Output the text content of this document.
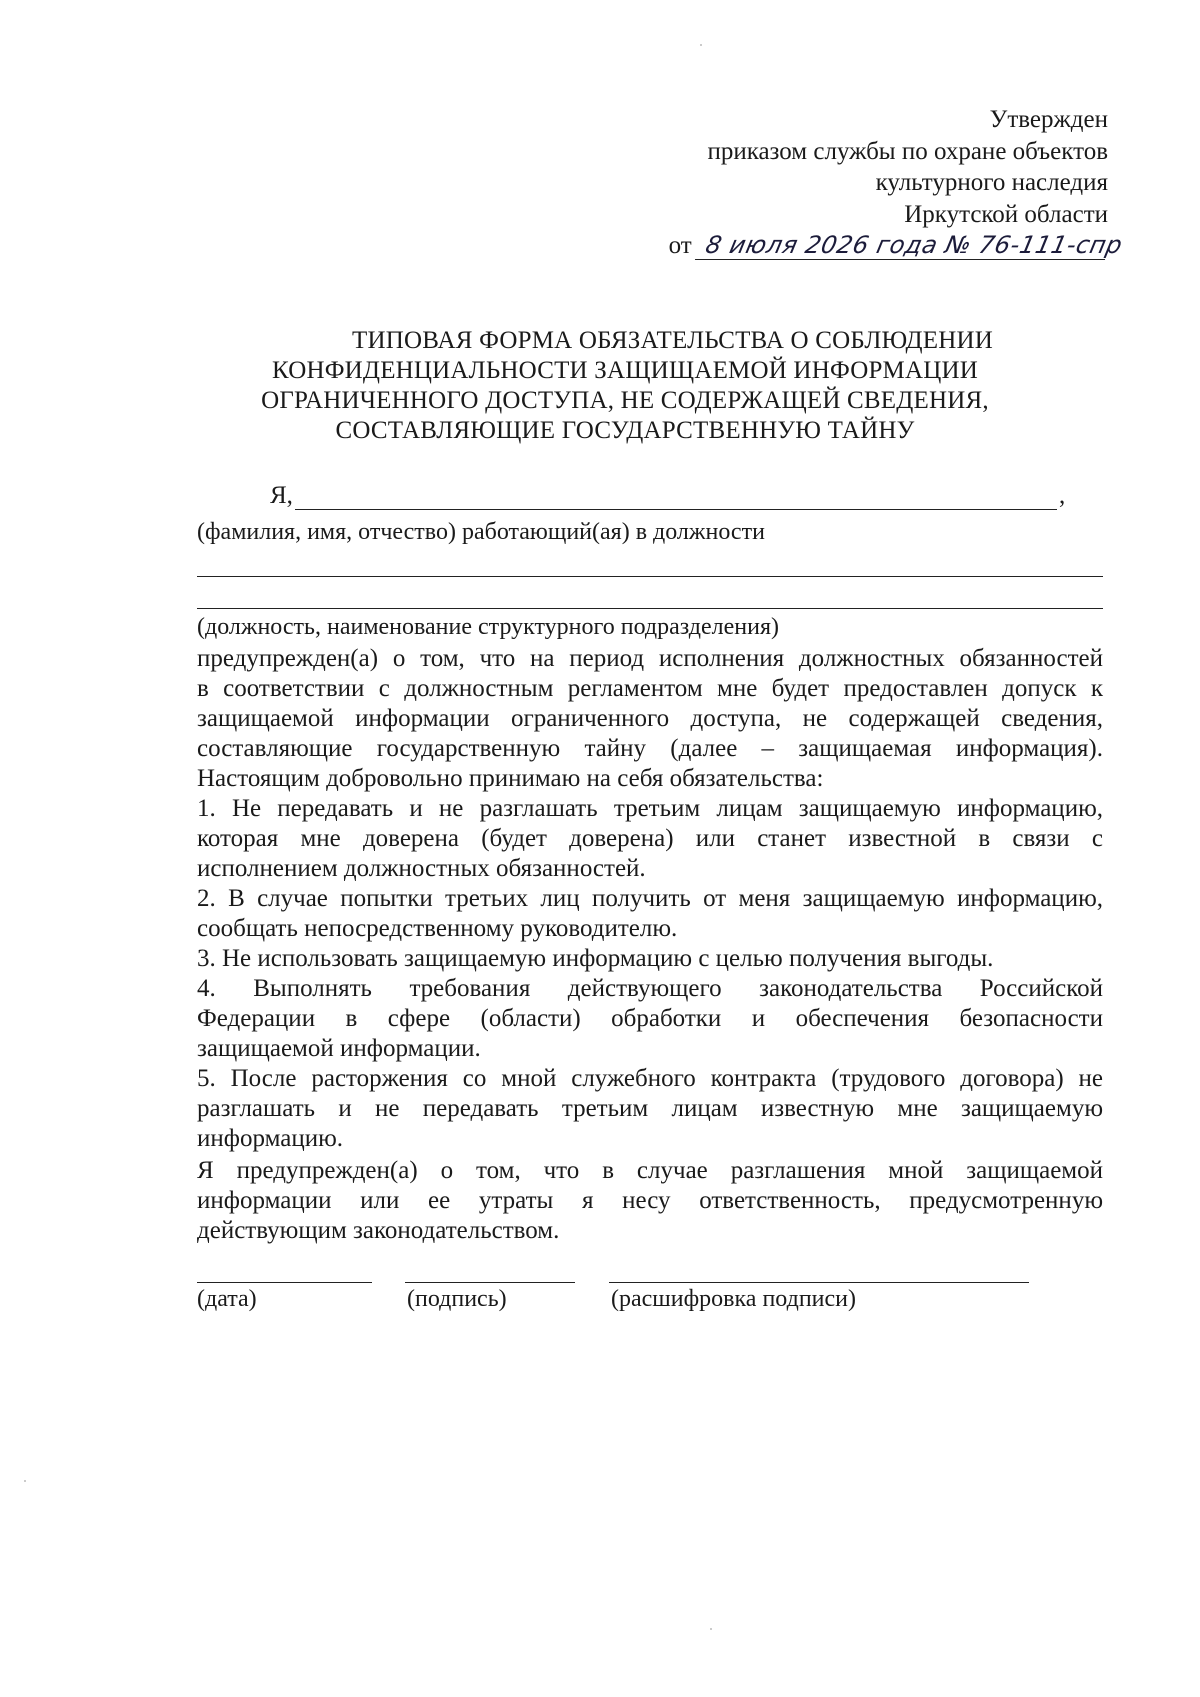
Утвержден
приказом службы по охране объектов
культурного наследия
Иркутской области
от 8 июля 2026 года № 76-111-спр
ТИПОВАЯ ФОРМА ОБЯЗАТЕЛЬСТВА О СОБЛЮДЕНИИ
КОНФИДЕНЦИАЛЬНОСТИ ЗАЩИЩАЕМОЙ ИНФОРМАЦИИ
ОГРАНИЧЕННОГО ДОСТУПА, НЕ СОДЕРЖАЩЕЙ СВЕДЕНИЯ,
СОСТАВЛЯЮЩИЕ ГОСУДАРСТВЕННУЮ ТАЙНУ
Я,	,
(фамилия, имя, отчество) работающий(ая) в должности
(должность, наименование структурного подразделения)
предупрежден(а) о том, что на период исполнения должностных обязанностей
в соответствии с должностным регламентом мне будет предоставлен допуск к
защищаемой информации ограниченного доступа, не содержащей сведения,
составляющие государственную тайну (далее – защищаемая информация).
Настоящим добровольно принимаю на себя обязательства:
1. Не передавать и не разглашать третьим лицам защищаемую информацию,
которая мне доверена (будет доверена) или станет известной в связи с
исполнением должностных обязанностей.
2. В случае попытки третьих лиц получить от меня защищаемую информацию,
сообщать непосредственному руководителю.
3. Не использовать защищаемую информацию с целью получения выгоды.
4. Выполнять требования действующего законодательства Российской
Федерации в сфере (области) обработки и обеспечения безопасности
защищаемой информации.
5. После расторжения со мной служебного контракта (трудового договора) не
разглашать и не передавать третьим лицам известную мне защищаемую
информацию.
Я предупрежден(а) о том, что в случае разглашения мной защищаемой
информации или ее утраты я несу ответственность, предусмотренную
действующим законодательством.
(дата)	(подпись)	(расшифровка подписи)
